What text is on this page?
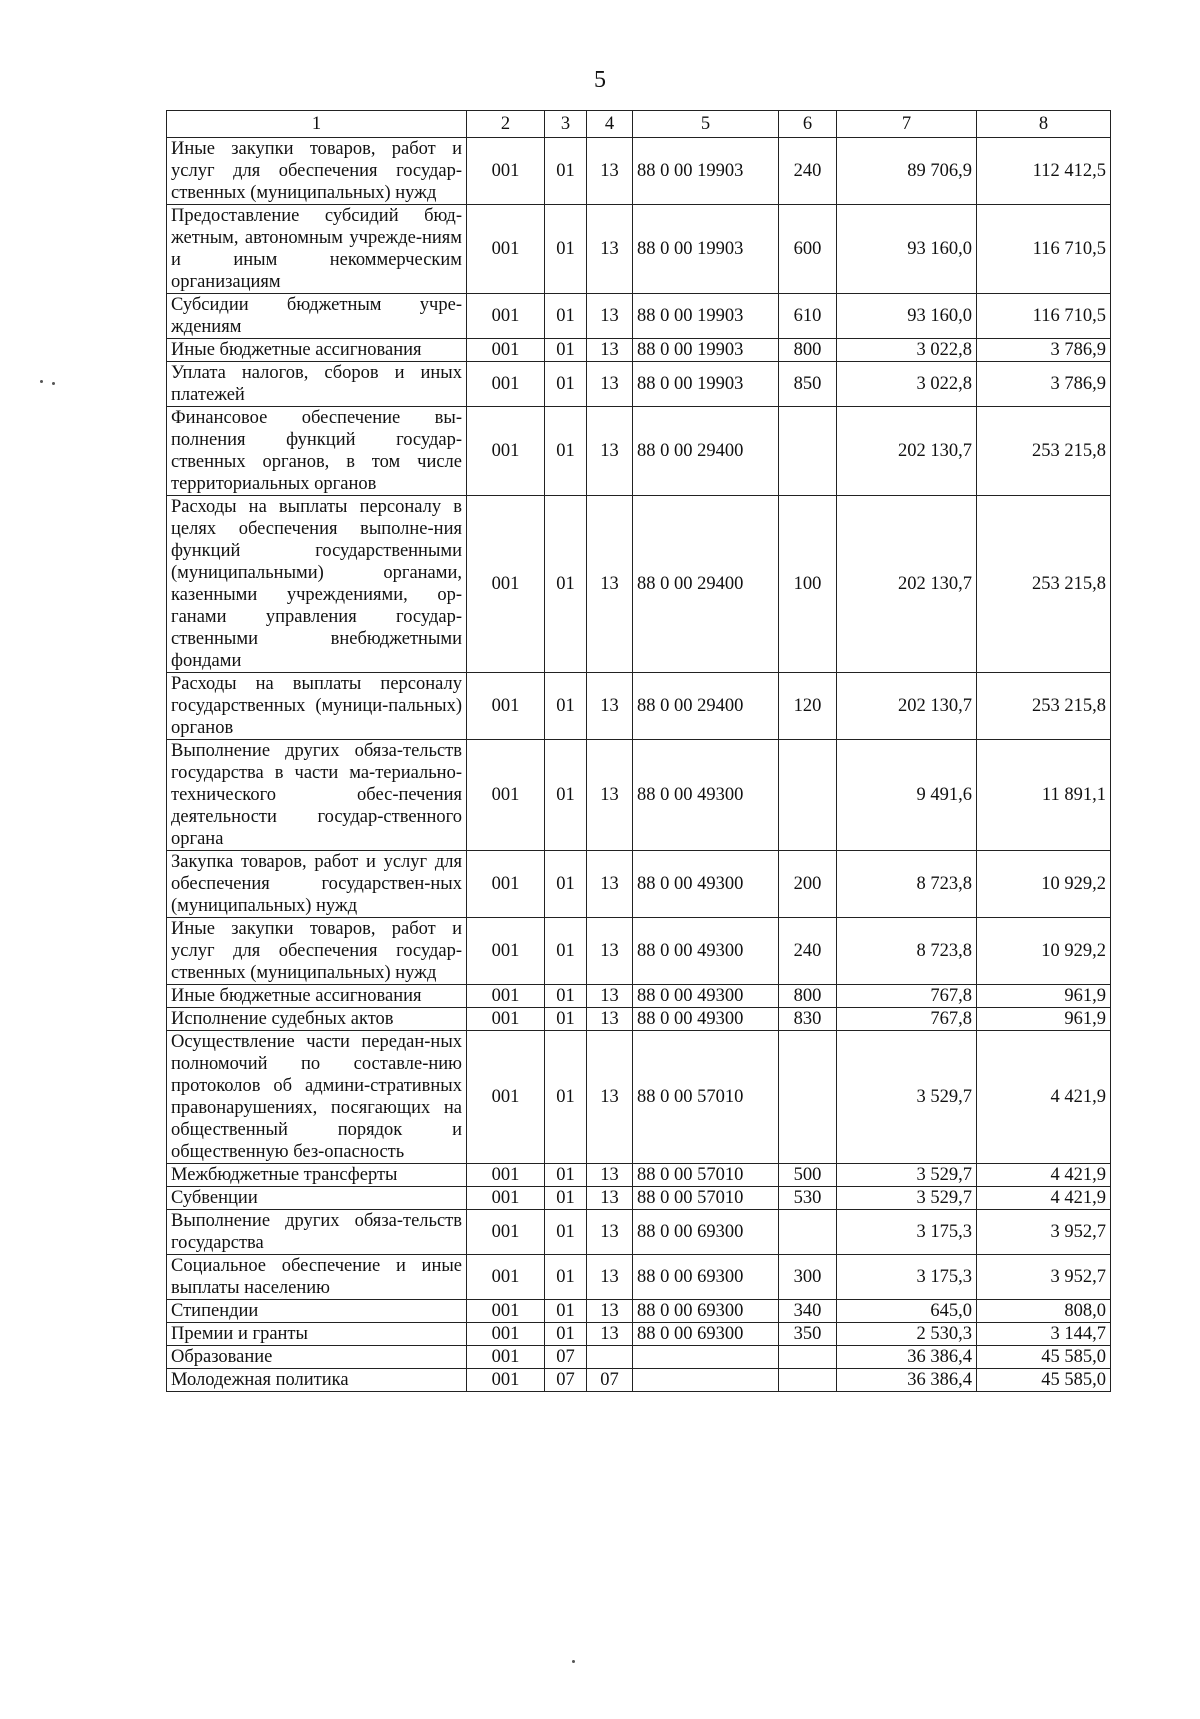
5
1	2	3	4	5	6	7	8
Иные закупки товаров, работ и услуг для обеспечения государ-ственных (муниципальных) нужд	001	01	13	88 0 00 19903	240	89 706,9	112 412,5
Предоставление субсидий бюд-жетным, автономным учрежде-ниям и иным некоммерческим организациям	001	01	13	88 0 00 19903	600	93 160,0	116 710,5
Субсидии бюджетным учре-ждениям	001	01	13	88 0 00 19903	610	93 160,0	116 710,5
Иные бюджетные ассигнования	001	01	13	88 0 00 19903	800	3 022,8	3 786,9
Уплата налогов, сборов и иных платежей	001	01	13	88 0 00 19903	850	3 022,8	3 786,9
Финансовое обеспечение вы-полнения функций государ-ственных органов, в том числе территориальных органов	001	01	13	88 0 00 29400		202 130,7	253 215,8
Расходы на выплаты персоналу в целях обеспечения выполне-ния функций государственными (муниципальными) органами, казенными учреждениями, ор-ганами управления государ-ственными внебюджетными фондами	001	01	13	88 0 00 29400	100	202 130,7	253 215,8
Расходы на выплаты персоналу государственных (муници-пальных) органов	001	01	13	88 0 00 29400	120	202 130,7	253 215,8
Выполнение других обяза-тельств государства в части ма-териально-технического обес-печения деятельности государ-ственного органа	001	01	13	88 0 00 49300		9 491,6	11 891,1
Закупка товаров, работ и услуг для обеспечения государствен-ных (муниципальных) нужд	001	01	13	88 0 00 49300	200	8 723,8	10 929,2
Иные закупки товаров, работ и услуг для обеспечения государ-ственных (муниципальных) нужд	001	01	13	88 0 00 49300	240	8 723,8	10 929,2
Иные бюджетные ассигнования	001	01	13	88 0 00 49300	800	767,8	961,9
Исполнение судебных актов	001	01	13	88 0 00 49300	830	767,8	961,9
Осуществление части передан-ных полномочий по составле-нию протоколов об админи-стративных правонарушениях, посягающих на общественный порядок и общественную без-опасность	001	01	13	88 0 00 57010		3 529,7	4 421,9
Межбюджетные трансферты	001	01	13	88 0 00 57010	500	3 529,7	4 421,9
Субвенции	001	01	13	88 0 00 57010	530	3 529,7	4 421,9
Выполнение других обяза-тельств государства	001	01	13	88 0 00 69300		3 175,3	3 952,7
Социальное обеспечение и иные выплаты населению	001	01	13	88 0 00 69300	300	3 175,3	3 952,7
Стипендии	001	01	13	88 0 00 69300	340	645,0	808,0
Премии и гранты	001	01	13	88 0 00 69300	350	2 530,3	3 144,7
Образование	001	07				36 386,4	45 585,0
Молодежная политика	001	07	07			36 386,4	45 585,0
